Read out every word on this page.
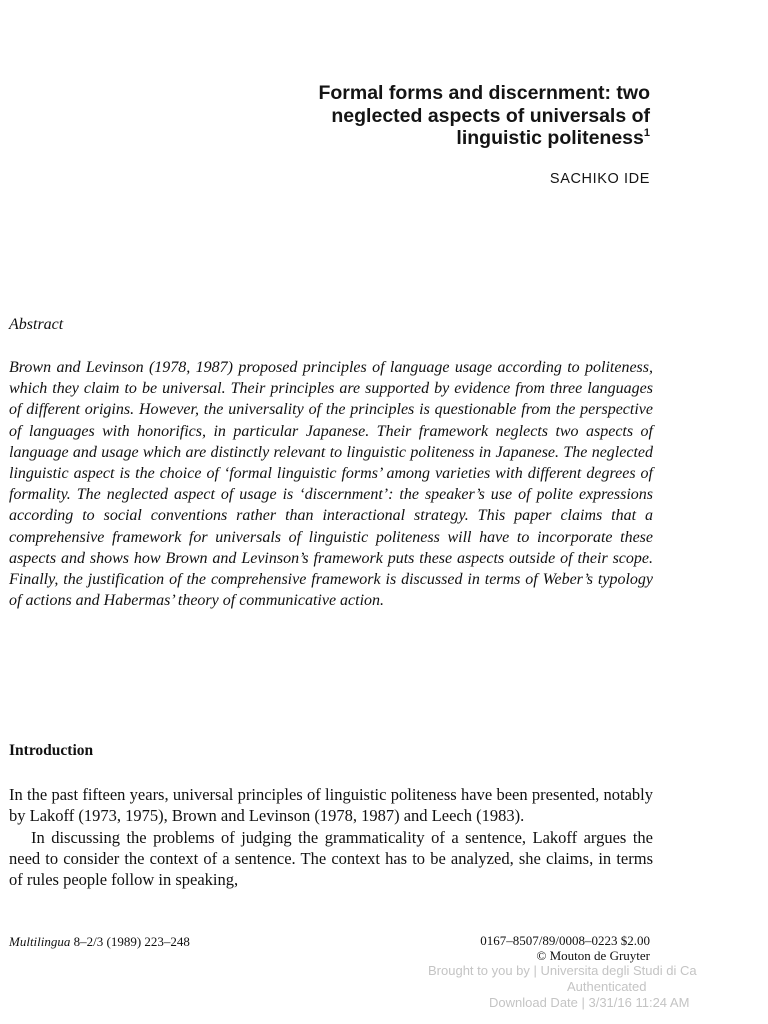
Formal forms and discernment: two
neglected aspects of universals of
linguistic politeness$^1$
SACHIKO IDE
Abstract

Brown and Levinson (1978, 1987) proposed principles of language usage according to politeness, which they claim to be universal. Their principles are supported by evidence from three languages of different origins. However, the universality of the principles is questionable from the perspective of languages with honorifics, in particular Japanese. Their framework neglects two aspects of language and usage which are distinctly relevant to linguistic politeness in Japanese. The neglected linguistic aspect is the choice of ‘formal linguistic forms’ among varieties with different degrees of formality. The neglected aspect of usage is ‘discernment’: the speaker’s use of polite expressions according to social conventions rather than interactional strategy. This paper claims that a comprehensive framework for universals of linguistic politeness will have to incorporate these aspects and shows how Brown and Levinson’s framework puts these aspects outside of their scope. Finally, the justification of the comprehensive framework is discussed in terms of Weber’s typology of actions and Habermas’ theory of communicative action.

Introduction

In the past fifteen years, universal principles of linguistic politeness have been presented, notably by Lakoff (1973, 1975), Brown and Levinson (1978, 1987) and Leech (1983).

In discussing the problems of judging the grammaticality of a sentence, Lakoff argues the need to consider the context of a sentence. The context has to be analyzed, she claims, in terms of rules people follow in speaking,

Multilingua 8–2/3 (1989) 223–248	0167–8507/89/0008–0223 $2.00
© Mouton de Gruyter
Brought to you by | Universita degli Studi di Ca
Authenticated
Download Date | 3/31/16 11:24 AM
